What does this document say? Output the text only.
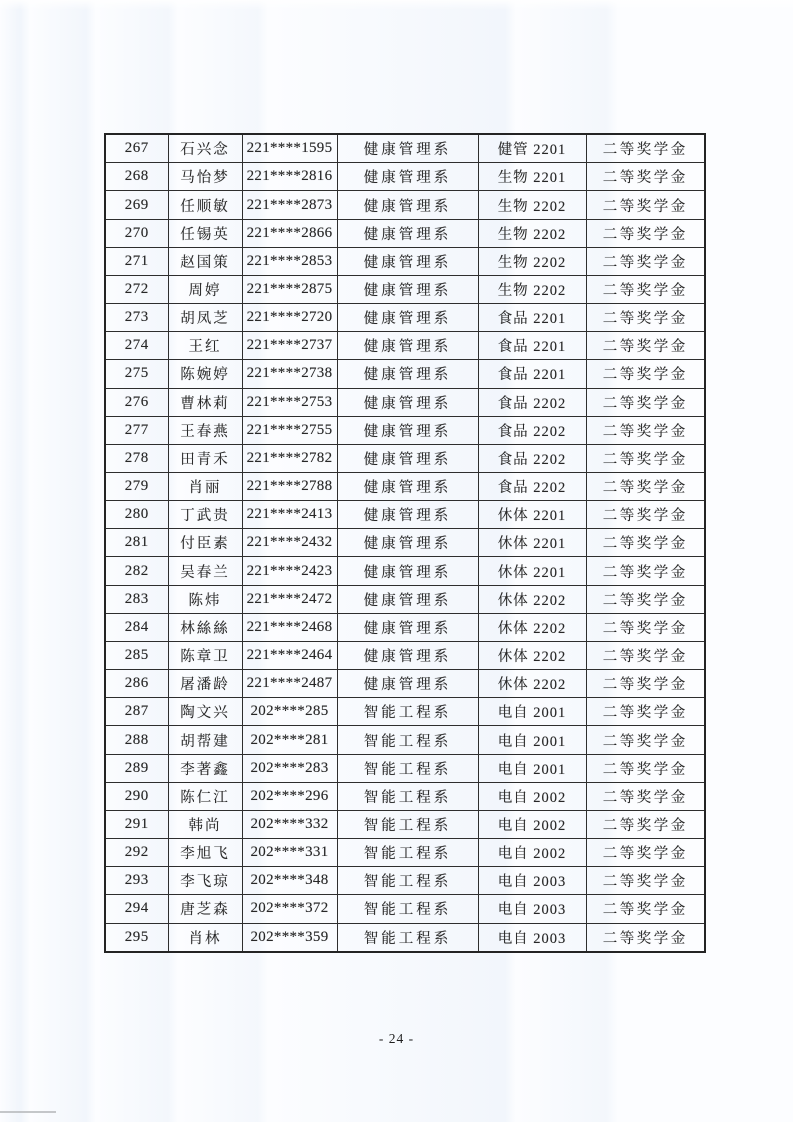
267	石兴念	221****1595	健康管理系	健管 2201	二等奖学金
268	马怡梦	221****2816	健康管理系	生物 2201	二等奖学金
269	任顺敏	221****2873	健康管理系	生物 2202	二等奖学金
270	任锡英	221****2866	健康管理系	生物 2202	二等奖学金
271	赵国策	221****2853	健康管理系	生物 2202	二等奖学金
272	周婷	221****2875	健康管理系	生物 2202	二等奖学金
273	胡凤芝	221****2720	健康管理系	食品 2201	二等奖学金
274	王红	221****2737	健康管理系	食品 2201	二等奖学金
275	陈婉婷	221****2738	健康管理系	食品 2201	二等奖学金
276	曹林莉	221****2753	健康管理系	食品 2202	二等奖学金
277	王春燕	221****2755	健康管理系	食品 2202	二等奖学金
278	田青禾	221****2782	健康管理系	食品 2202	二等奖学金
279	肖丽	221****2788	健康管理系	食品 2202	二等奖学金
280	丁武贵	221****2413	健康管理系	休体 2201	二等奖学金
281	付臣素	221****2432	健康管理系	休体 2201	二等奖学金
282	吴春兰	221****2423	健康管理系	休体 2201	二等奖学金
283	陈炜	221****2472	健康管理系	休体 2202	二等奖学金
284	林絲絲	221****2468	健康管理系	休体 2202	二等奖学金
285	陈章卫	221****2464	健康管理系	休体 2202	二等奖学金
286	屠潘龄	221****2487	健康管理系	休体 2202	二等奖学金
287	陶文兴	202****285	智能工程系	电自 2001	二等奖学金
288	胡帮建	202****281	智能工程系	电自 2001	二等奖学金
289	李著鑫	202****283	智能工程系	电自 2001	二等奖学金
290	陈仁江	202****296	智能工程系	电自 2002	二等奖学金
291	韩尚	202****332	智能工程系	电自 2002	二等奖学金
292	李旭飞	202****331	智能工程系	电自 2002	二等奖学金
293	李飞琼	202****348	智能工程系	电自 2003	二等奖学金
294	唐芝森	202****372	智能工程系	电自 2003	二等奖学金
295	肖林	202****359	智能工程系	电自 2003	二等奖学金
- 24 -
